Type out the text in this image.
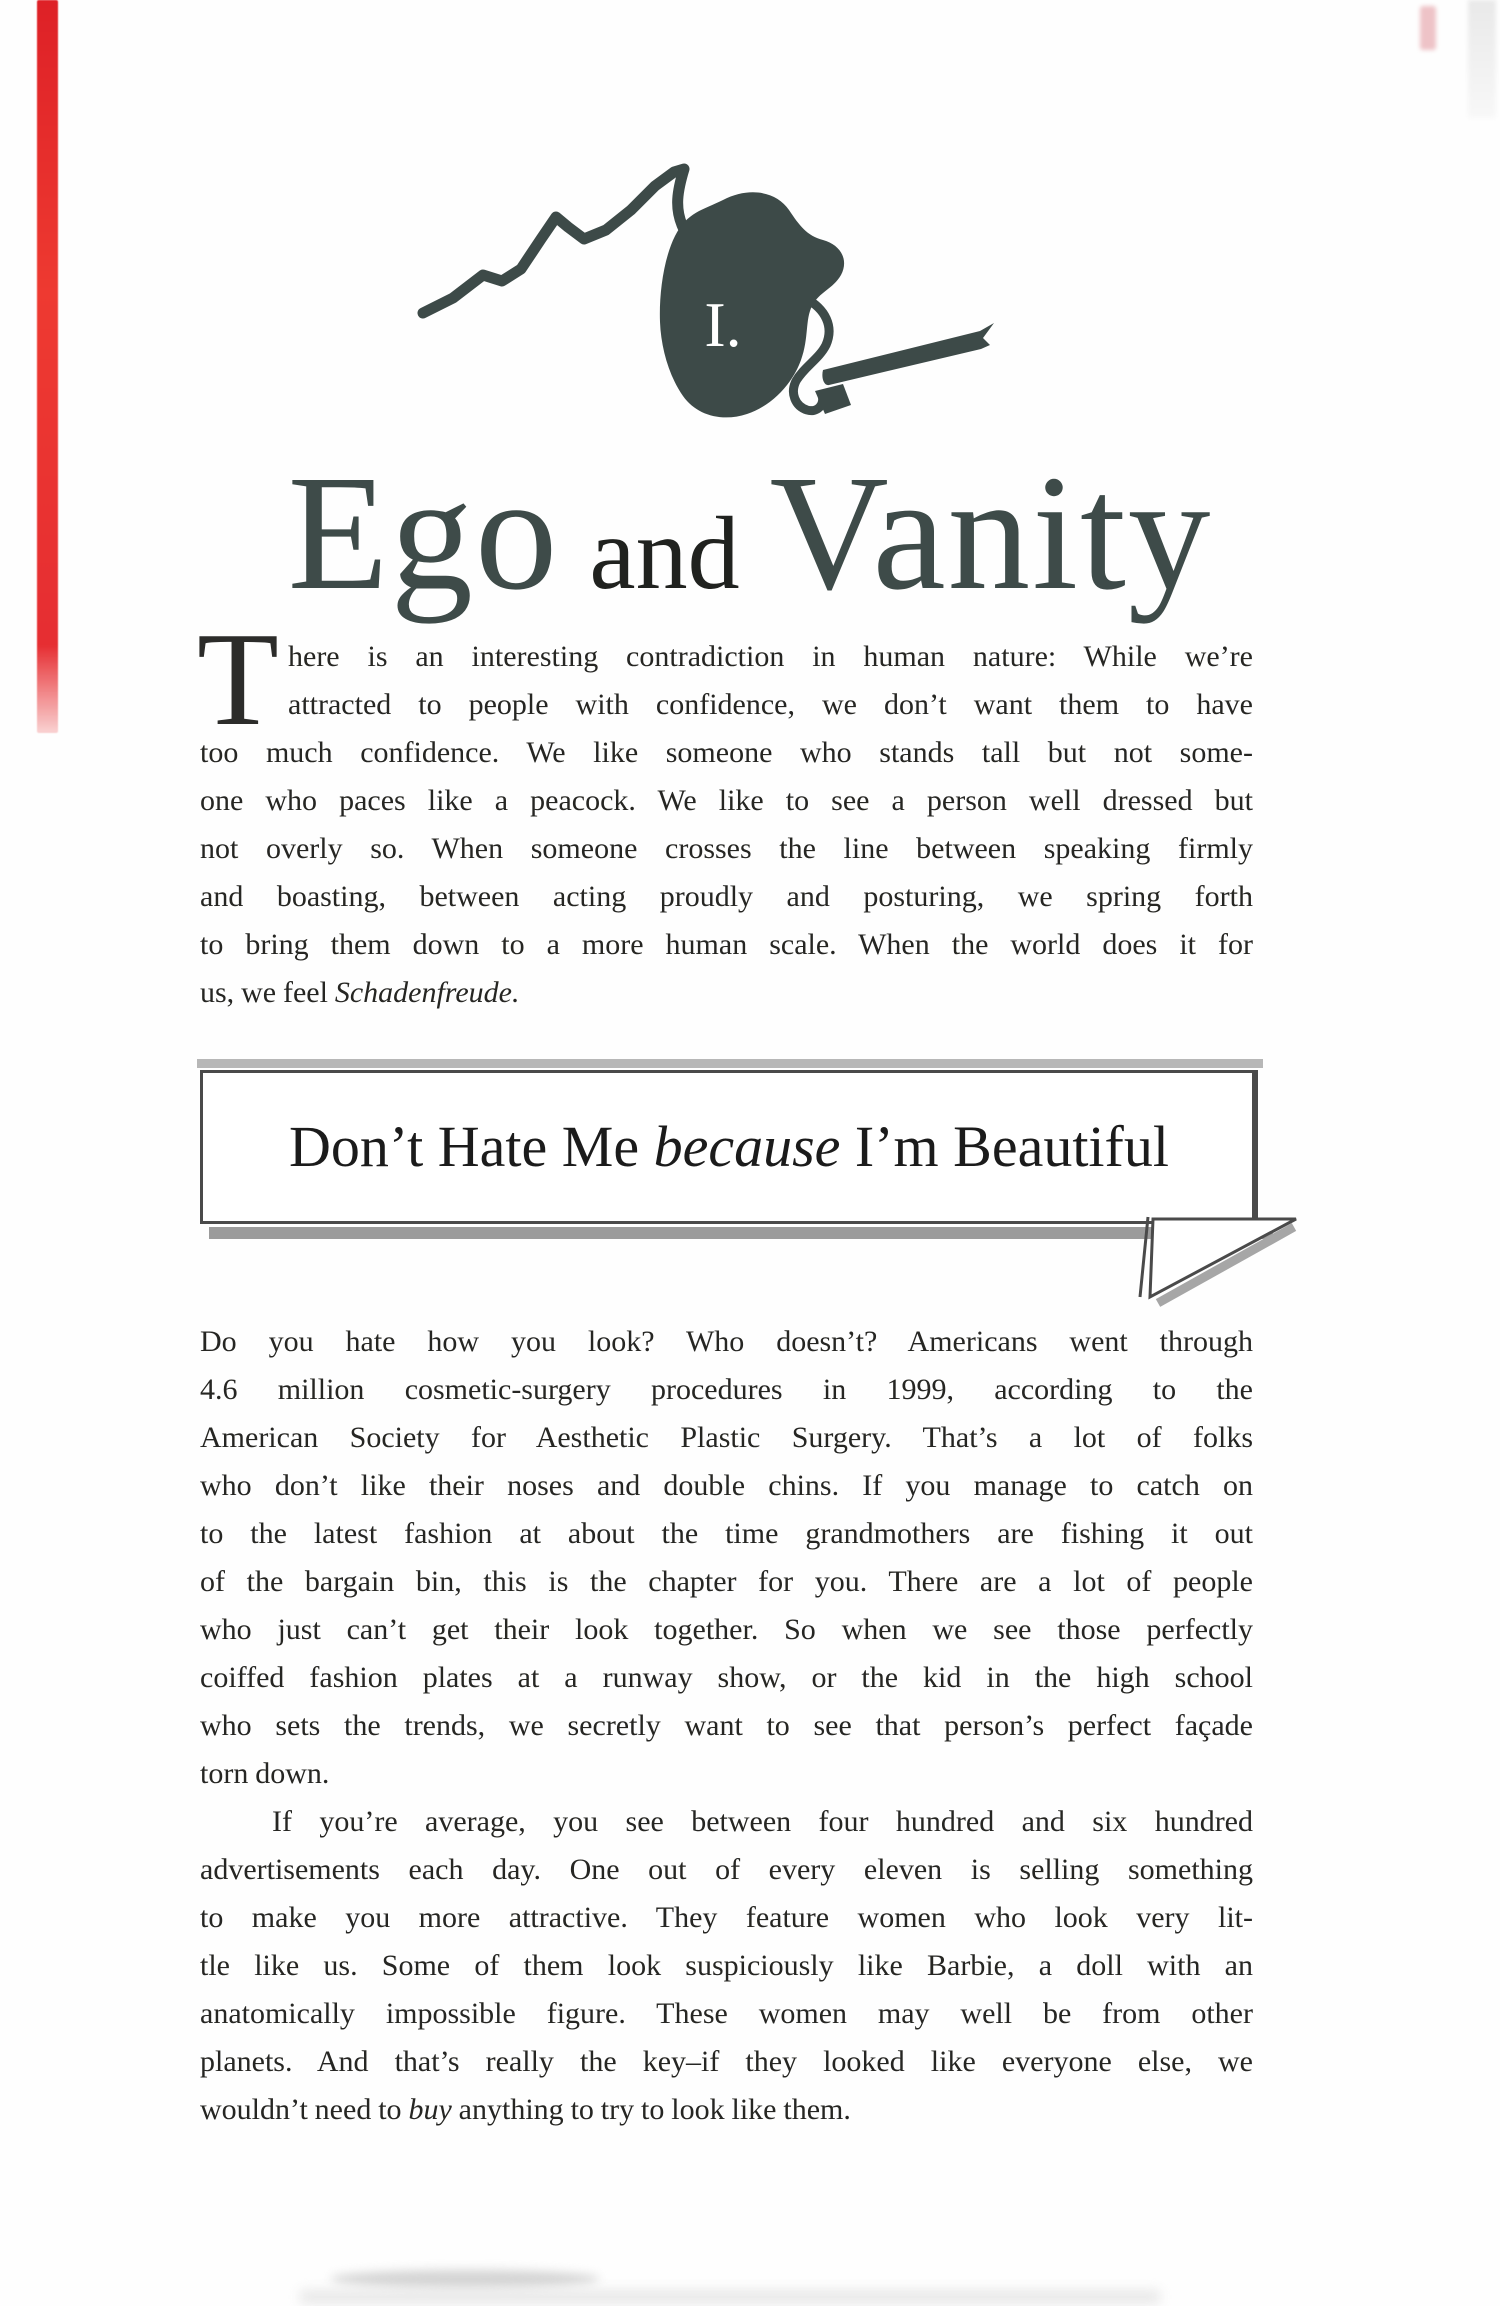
I.
Ego and Vanity
T here is an interesting contradiction in human nature: While we’re
attracted to people with confidence, we don’t want them to have
too much confidence. We like someone who stands tall but not some-
one who paces like a peacock. We like to see a person well dressed but
not overly so. When someone crosses the line between speaking firmly
and boasting, between acting proudly and posturing, we spring forth
to bring them down to a more human scale. When the world does it for
us, we feel Schadenfreude.
Don’t Hate Me because I’m Beautiful
Do you hate how you look? Who doesn’t? Americans went through
4.6 million cosmetic-surgery procedures in 1999, according to the
American Society for Aesthetic Plastic Surgery. That’s a lot of folks
who don’t like their noses and double chins. If you manage to catch on
to the latest fashion at about the time grandmothers are fishing it out
of the bargain bin, this is the chapter for you. There are a lot of people
who just can’t get their look together. So when we see those perfectly
coiffed fashion plates at a runway show, or the kid in the high school
who sets the trends, we secretly want to see that person’s perfect façade
torn down.
If you’re average, you see between four hundred and six hundred
advertisements each day. One out of every eleven is selling something
to make you more attractive. They feature women who look very lit-
tle like us. Some of them look suspiciously like Barbie, a doll with an
anatomically impossible figure. These women may well be from other
planets. And that’s really the key–if they looked like everyone else, we
wouldn’t need to buy anything to try to look like them.
